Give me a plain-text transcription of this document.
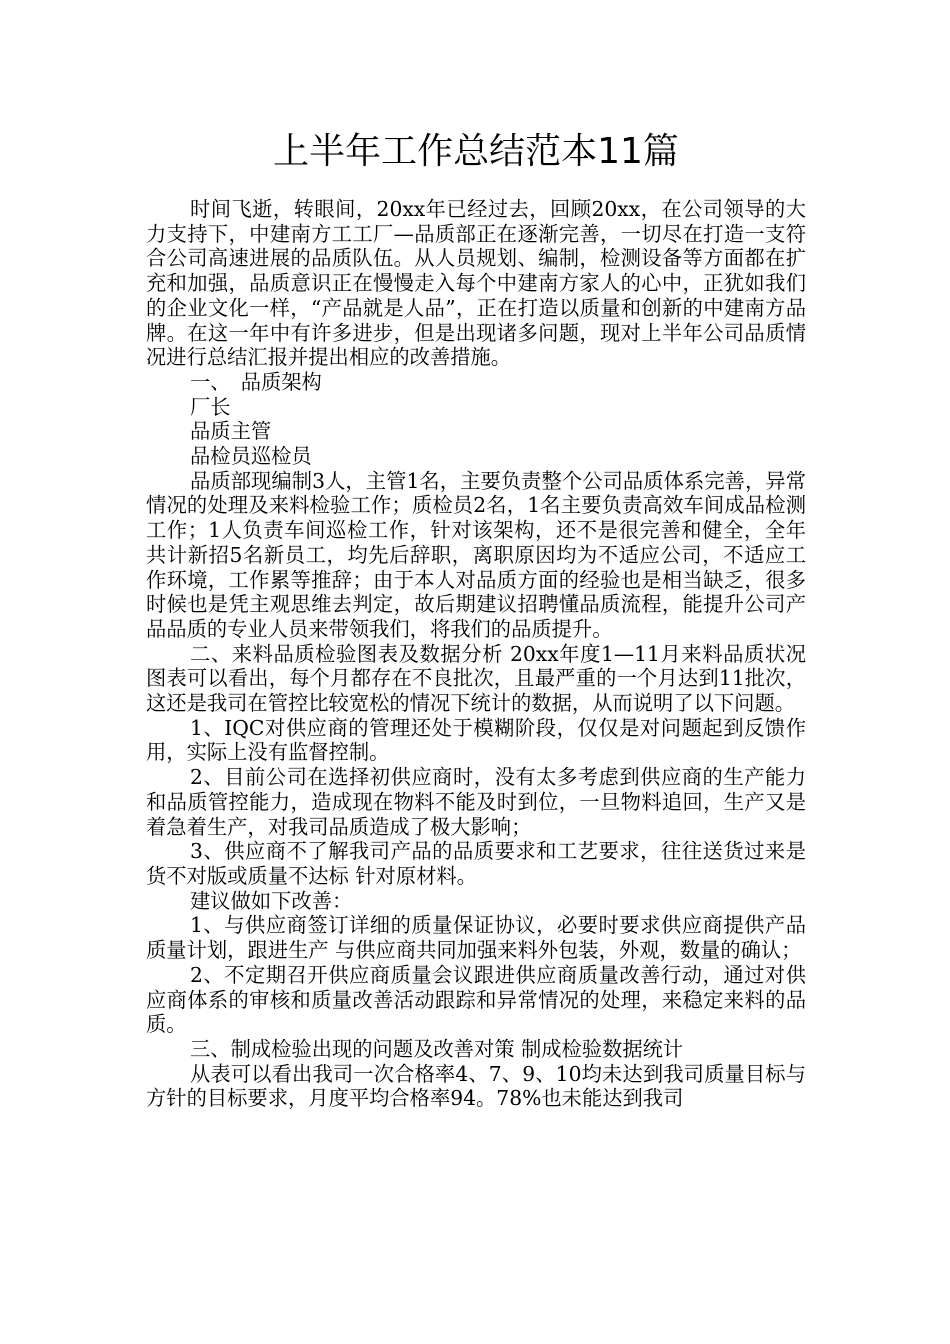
上半年工作总结范本11篇

时间飞逝，转眼间，20xx年已经过去，回顾20xx，在公司领导的大力支持下，中建南方工工厂—品质部正在逐渐完善，一切尽在打造一支符合公司高速进展的品质队伍。从人员规划、编制，检测设备等方面都在扩充和加强，品质意识正在慢慢走入每个中建南方家人的心中，正犹如我们的企业文化一样，“产品就是人品”，正在打造以质量和创新的中建南方品牌。在这一年中有许多进步，但是出现诸多问题，现对上半年公司品质情况进行总结汇报并提出相应的改善措施。

一、　品质架构

厂长

品质主管

品检员巡检员

品质部现编制3人，主管1名，主要负责整个公司品质体系完善，异常情况的处理及来料检验工作；质检员2名，1名主要负责高效车间成品检测工作；1人负责车间巡检工作，针对该架构，还不是很完善和健全，全年共计新招5名新员工，均先后辞职，离职原因均为不适应公司，不适应工作环境，工作累等推辞；由于本人对品质方面的经验也是相当缺乏，很多时候也是凭主观思维去判定，故后期建议招聘懂品质流程，能提升公司产品品质的专业人员来带领我们，将我们的品质提升。

二、来料品质检验图表及数据分析 20xx年度1—11月来料品质状况图表可以看出，每个月都存在不良批次，且最严重的一个月达到11批次，这还是我司在管控比较宽松的情况下统计的数据，从而说明了以下问题。

1、IQC对供应商的管理还处于模糊阶段，仅仅是对问题起到反馈作用，实际上没有监督控制。

2、目前公司在选择初供应商时，没有太多考虑到供应商的生产能力和品质管控能力，造成现在物料不能及时到位，一旦物料追回，生产又是着急着生产，对我司品质造成了极大影响；

3、供应商不了解我司产品的品质要求和工艺要求，往往送货过来是货不对版或质量不达标 针对原材料。

建议做如下改善：

1、与供应商签订详细的质量保证协议，必要时要求供应商提供产品质量计划，跟进生产 与供应商共同加强来料外包装，外观，数量的确认；

2、不定期召开供应商质量会议跟进供应商质量改善行动，通过对供应商体系的审核和质量改善活动跟踪和异常情况的处理，来稳定来料的品质。

三、制成检验出现的问题及改善对策 制成检验数据统计

从表可以看出我司一次合格率4、7、9、10均未达到我司质量目标与方针的目标要求，月度平均合格率94。78%也未能达到我司
